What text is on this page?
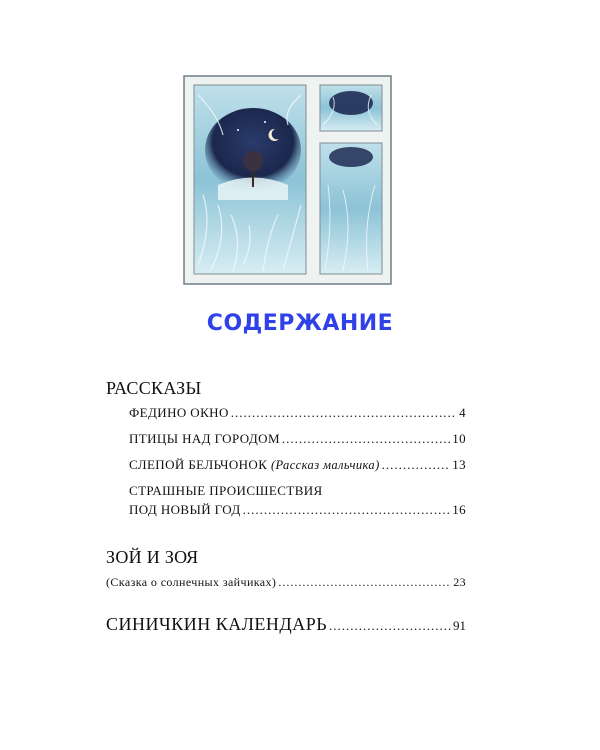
СОДЕРЖАНИЕ
РАССКАЗЫ
ФЕДИНО ОКНО .....	4
ПТИЦЫ НАД ГОРОДОМ .....	10
СЛЕПОЙ БЕЛЬЧОНОК (Рассказ мальчика) .....	13
СТРАШНЫЕ ПРОИСШЕСТВИЯ
ПОД НОВЫЙ ГОД .....	16
ЗОЙ И ЗОЯ
(Сказка о солнечных зайчиках) .....	23
СИНИЧКИН КАЛЕНДАРЬ .....	91
